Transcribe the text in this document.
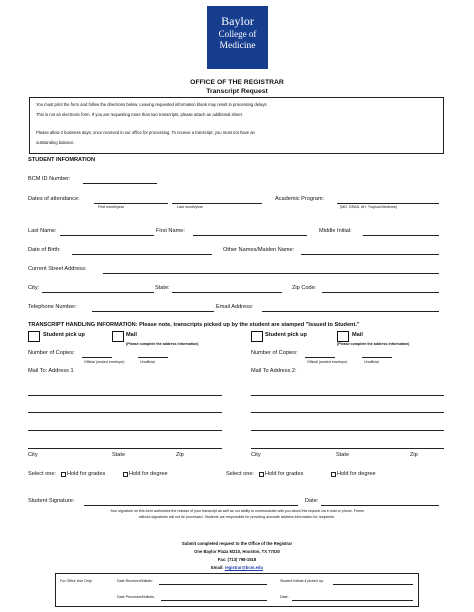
Baylor
College of
Medicine
OFFICE OF THE REGISTRAR
Transcript Request
You must print the form and follow the directions below. Leaving requested information blank may result in processing delays.
This is not an electronic form. If you are requesting more than two transcripts, please attach an additional sheet.
Please allow 2 business days, once received in our office for processing. To receive a transcript, you must not have an
outstanding balance.
STUDENT INFOMRATION
BCM ID Number:
Dates of attendance:
First month/year	Last month/year
Academic Program:
(MD, GRAD, AH, Tropical Medicine)
Last Name:	First Name:	Middle Initial:
Date of Birth:	Other Names/Maiden Name:
Current Street Address:
City:	State:	Zip Code:
Telephone Number:	Email Address:
TRANSCRIPT HANDLING INFORMATION: Please note, transcripts picked up by the student are stamped "Issued to Student."
Student pick up	Mail
(Please complete the address information)
Number of Copies:
Official (sealed envelope)	Unofficial
Mail To: Address 1
City	State	Zip
Select one: Hold for grades	Hold for degree
Student pick up	Mail
(Please complete the address information)
Number of Copies:
Official (sealed envelope)	Unofficial
Mail To Address 2:
City	State	Zip
Select one: Hold for grades	Hold for degree
Student Signature:	Date:
Your signature on this form authorizes the release of your transcript as well as our ability to communicate with you about this request via e-mail or phone. Forms
without signatures will not be processed. Students are responsible for providing accurate address information for recipients.
Submit completed request to the Office of the Registrar
One Baylor Plaza M210, Houston, TX 77030
Fax: (713) 798-1518
Email: registrar@bcm.edu
For Office Use Only:	Date Received/Initials:	Student Initials if picked up:
Date Processed/Initials:	Date:
